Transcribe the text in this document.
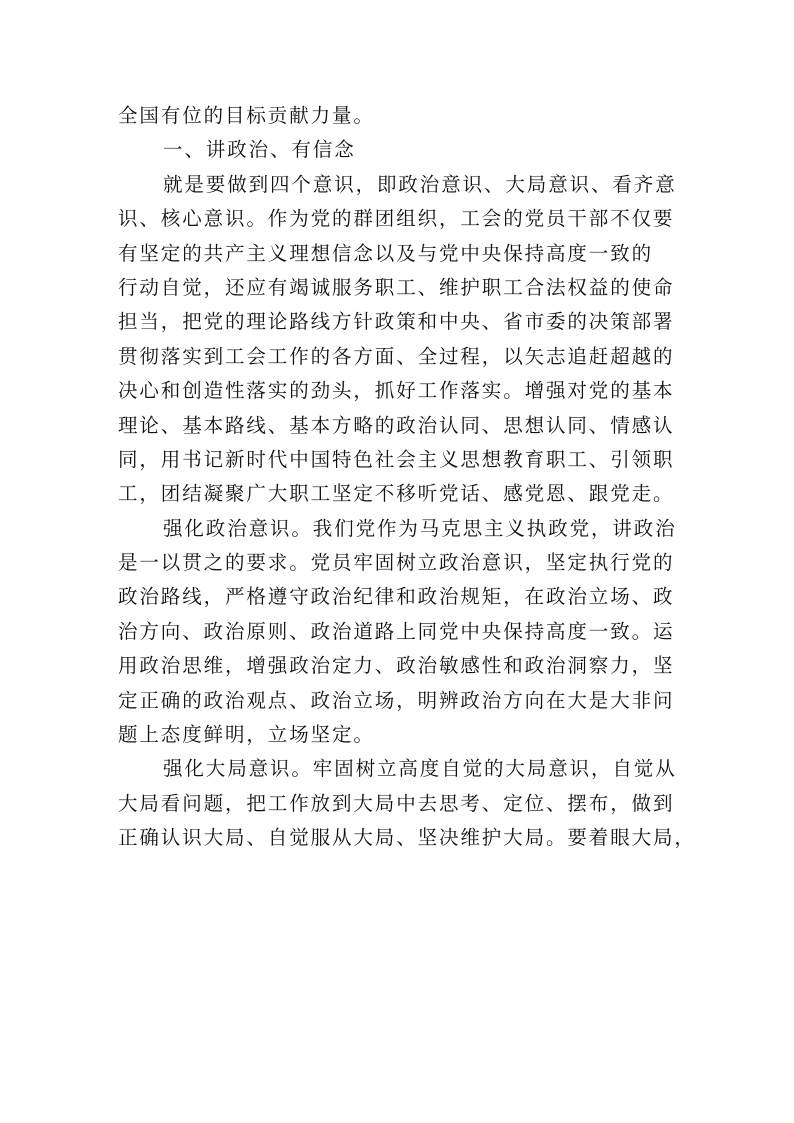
全国有位的目标贡献力量。
一、讲政治、有信念
就是要做到四个意识，即政治意识、大局意识、看齐意
识、核心意识。作为党的群团组织，工会的党员干部不仅要
有坚定的共产主义理想信念以及与党中央保持高度一致的
行动自觉，还应有竭诚服务职工、维护职工合法权益的使命
担当，把党的理论路线方针政策和中央、省市委的决策部署
贯彻落实到工会工作的各方面、全过程，以矢志追赶超越的
决心和创造性落实的劲头，抓好工作落实。增强对党的基本
理论、基本路线、基本方略的政治认同、思想认同、情感认
同，用书记新时代中国特色社会主义思想教育职工、引领职
工，团结凝聚广大职工坚定不移听党话、感党恩、跟党走。
强化政治意识。我们党作为马克思主义执政党，讲政治
是一以贯之的要求。党员牢固树立政治意识，坚定执行党的
政治路线，严格遵守政治纪律和政治规矩，在政治立场、政
治方向、政治原则、政治道路上同党中央保持高度一致。运
用政治思维，增强政治定力、政治敏感性和政治洞察力，坚
定正确的政治观点、政治立场，明辨政治方向在大是大非问
题上态度鲜明，立场坚定。
强化大局意识。牢固树立高度自觉的大局意识，自觉从
大局看问题，把工作放到大局中去思考、定位、摆布，做到
正确认识大局、自觉服从大局、坚决维护大局。要着眼大局，
